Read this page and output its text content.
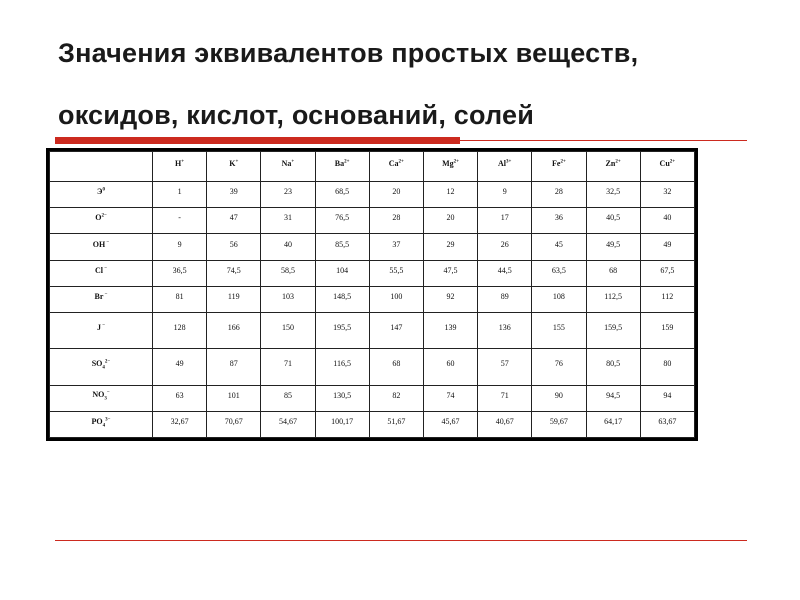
Значения эквивалентов простых веществ,
оксидов, кислот, оснований, солей
	H+	K+	Na+	$Ba^{2+}$	$Ca^{2+}$	$Mg^{2+}$	$Al^{3+}$	$Fe^{2+}$	$Zn^{2+}$	$Cu^{2+}$
$Э^0$	1	39	23	68,5	20	12	9	28	32,5	32
$O^{2-}$	-	47	31	76,5	28	20	17	36	40,5	40
OH −	9	56	40	85,5	37	29	26	45	49,5	49
Cl −	36,5	74,5	58,5	104	55,5	47,5	44,5	63,5	68	67,5
Br −	81	119	103	148,5	100	92	89	108	112,5	112
J −	128	166	150	195,5	147	139	136	155	159,5	159
$SO_4^{2-}$	49	87	71	116,5	68	60	57	76	80,5	80
$NO_3^-$	63	101	85	130,5	82	74	71	90	94,5	94
$PO_4^{3-}$	32,67	70,67	54,67	100,17	51,67	45,67	40,67	59,67	64,17	63,67
